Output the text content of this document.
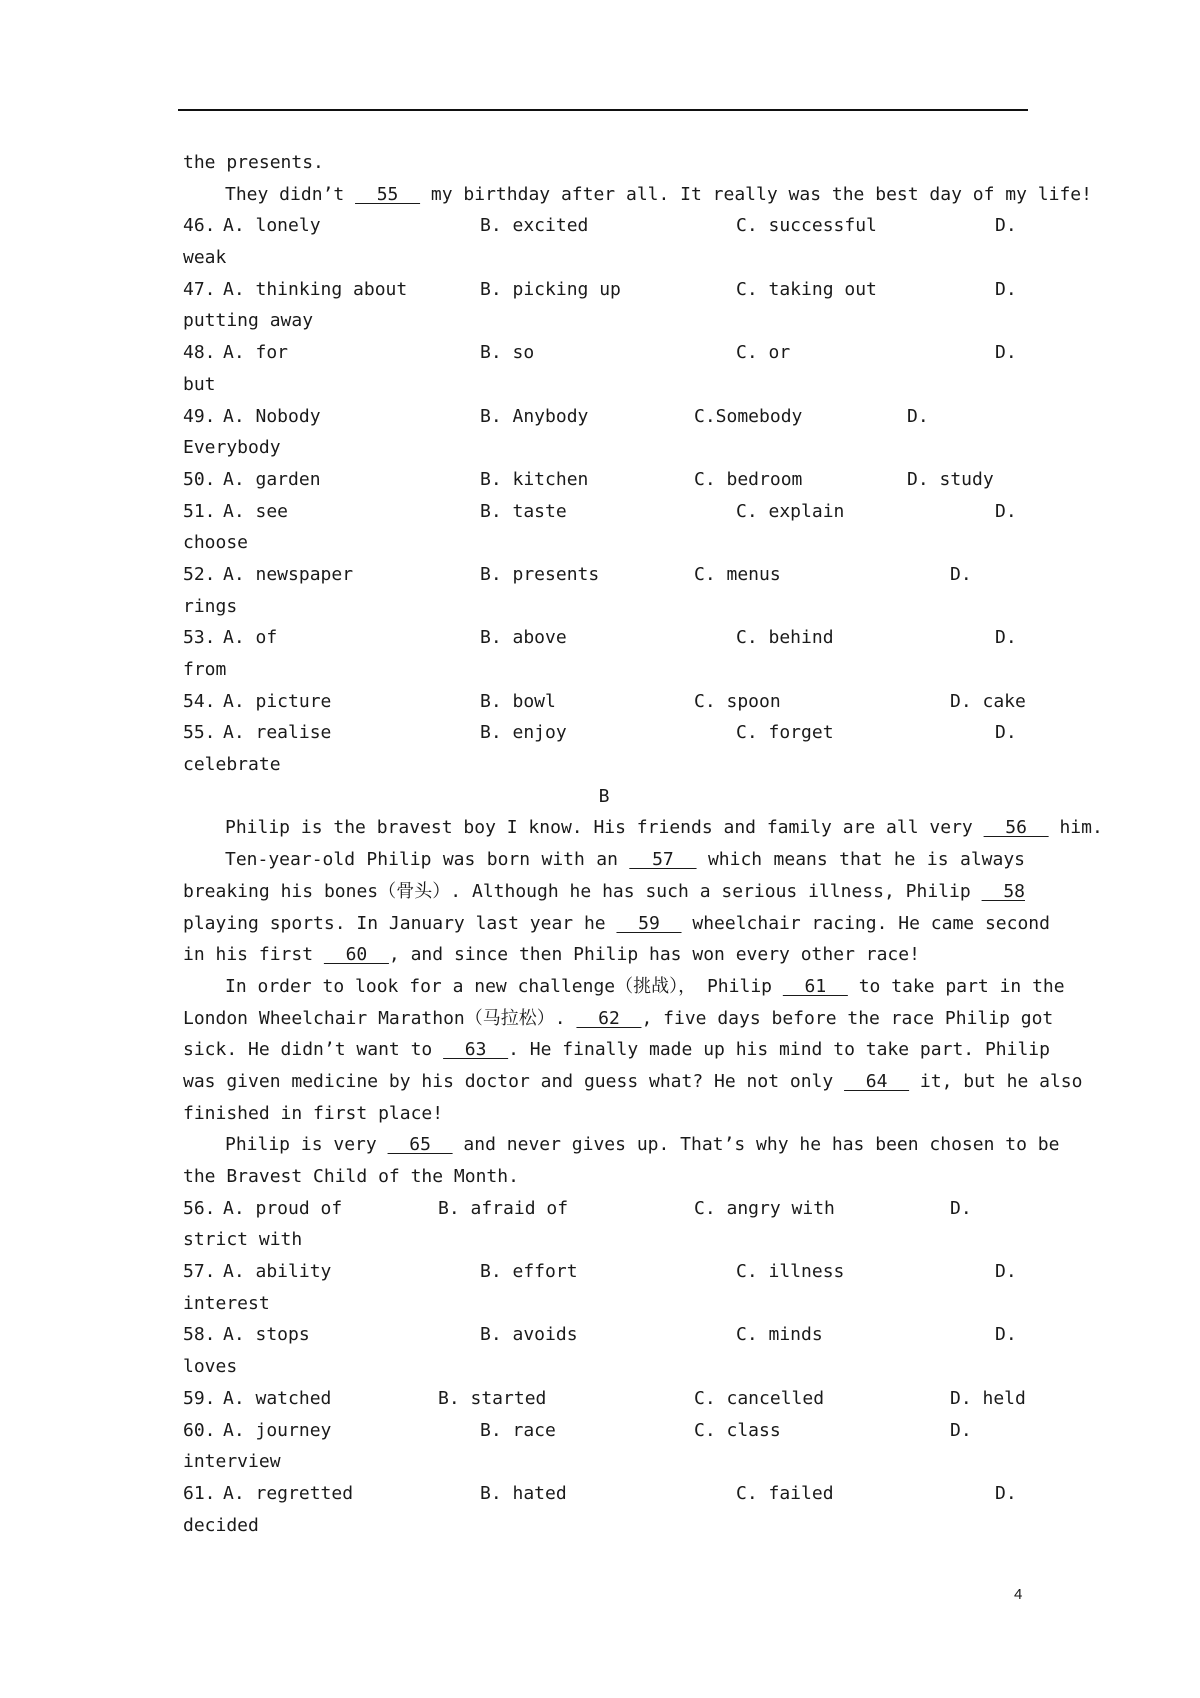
the presents.
They didn’t   55   my birthday after all. It really was the best day of my life!
46. A. lonely	B. excited	C. successful	D.
weak
47. A. thinking about	B. picking up	C. taking out	D.
putting away
48. A. for	B. so	C. or	D.
but
49. A. Nobody	B. Anybody	C.Somebody	D.
Everybody
50. A. garden	B. kitchen	C. bedroom	D. study
51. A. see	B. taste	C. explain	D.
choose
52. A. newspaper	B. presents	C. menus	D.
rings
53. A. of	B. above	C. behind	D.
from
54. A. picture	B. bowl	C. spoon	D. cake
55. A. realise	B. enjoy	C. forget	D.
celebrate
B
Philip is the bravest boy I know. His friends and family are all very   56   him.
Ten-year-old Philip was born with an   57   which means that he is always
breaking his bones（骨头）. Although he has such a serious illness, Philip   58
playing sports. In January last year he   59   wheelchair racing. He came second
in his first   60  , and since then Philip has won every other race!
In order to look for a new challenge（挑战）， Philip   61   to take part in the
London Wheelchair Marathon（马拉松）.   62  , five days before the race Philip got
sick. He didn’t want to   63  . He finally made up his mind to take part. Philip
was given medicine by his doctor and guess what? He not only   64   it, but he also
finished in first place!
Philip is very   65   and never gives up. That’s why he has been chosen to be
the Bravest Child of the Month.
56. A. proud of	B. afraid of	C. angry with	D.
strict with
57. A. ability	B. effort	C. illness	D.
interest
58. A. stops	B. avoids	C. minds	D.
loves
59. A. watched	B. started	C. cancelled	D. held
60. A. journey	B. race	C. class	D.
interview
61. A. regretted	B. hated	C. failed	D.
decided
4
